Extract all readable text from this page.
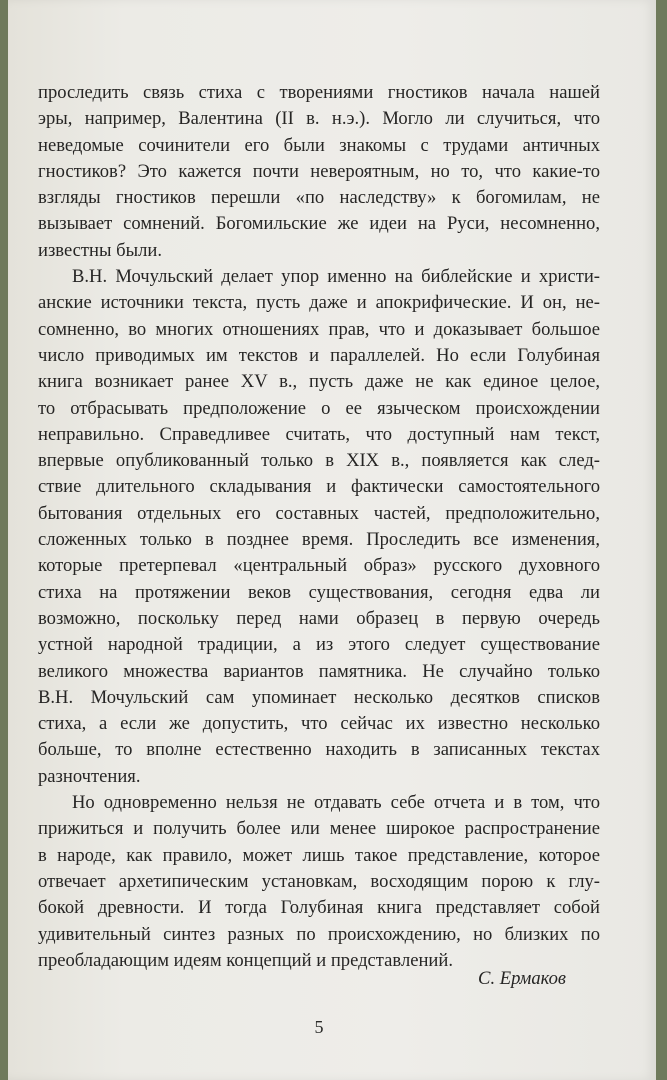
проследить связь стиха с творениями гностиков начала нашей
эры, например, Валентина (II в. н.э.). Могло ли случиться, что
неведомые сочинители его были знакомы с трудами античных
гностиков? Это кажется почти невероятным, но то, что какие-то
взгляды гностиков перешли «по наследству» к богомилам, не
вызывает сомнений. Богомильские же идеи на Руси, несомненно,
известны были.
В.Н. Мочульский делает упор именно на библейские и христи-
анские источники текста, пусть даже и апокрифические. И он, не-
сомненно, во многих отношениях прав, что и доказывает большое
число приводимых им текстов и параллелей. Но если Голубиная
книга возникает ранее XV в., пусть даже не как единое целое,
то отбрасывать предположение о ее языческом происхождении
неправильно. Справедливее считать, что доступный нам текст,
впервые опубликованный только в XIX в., появляется как след-
ствие длительного складывания и фактически самостоятельного
бытования отдельных его составных частей, предположительно,
сложенных только в позднее время. Проследить все изменения,
которые претерпевал «центральный образ» русского духовного
стиха на протяжении веков существования, сегодня едва ли
возможно, поскольку перед нами образец в первую очередь
устной народной традиции, а из этого следует существование
великого множества вариантов памятника. Не случайно только
В.Н. Мочульский сам упоминает несколько десятков списков
стиха, а если же допустить, что сейчас их известно несколько
больше, то вполне естественно находить в записанных текстах
разночтения.
Но одновременно нельзя не отдавать себе отчета и в том, что
прижиться и получить более или менее широкое распространение
в народе, как правило, может лишь такое представление, которое
отвечает архетипическим установкам, восходящим порою к глу-
бокой древности. И тогда Голубиная книга представляет собой
удивительный синтез разных по происхождению, но близких по
преобладающим идеям концепций и представлений.
С. Ермаков
5
